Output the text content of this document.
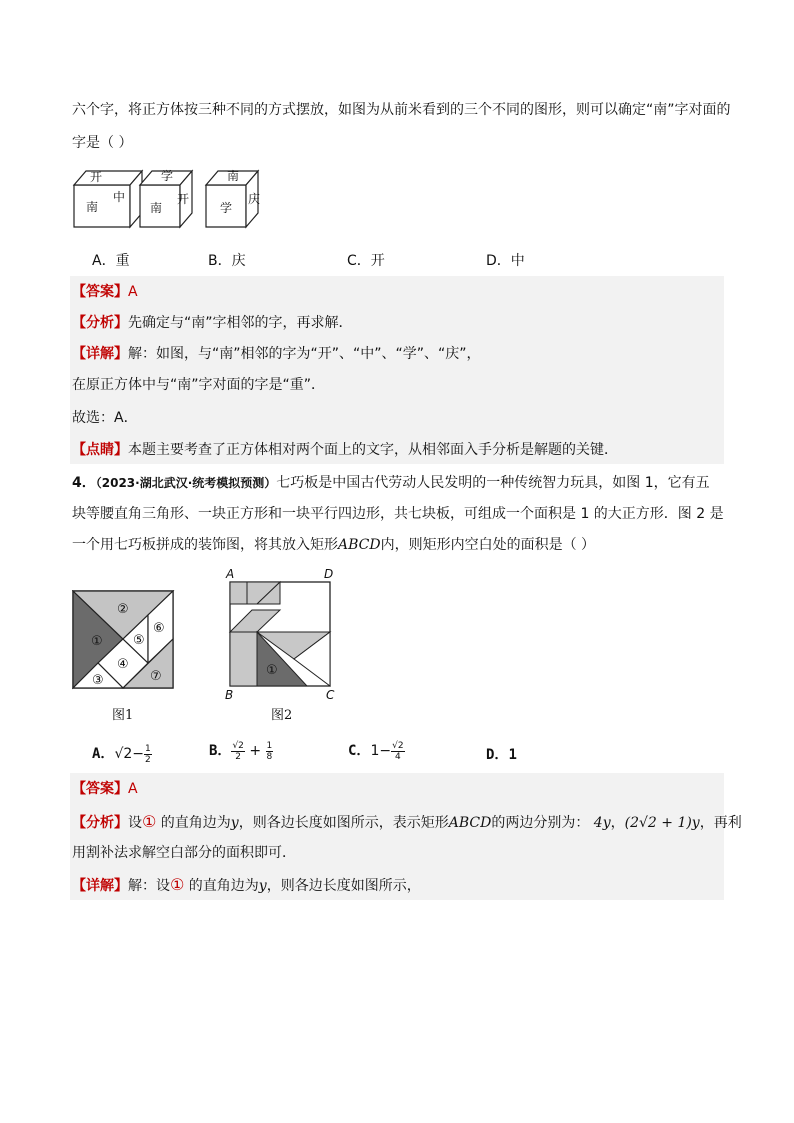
六个字，将正方体按三种不同的方式摆放，如图为从前米看到的三个不同的图形，则可以确定“南”字对面的
字是（ ）
开
南
中
学
南
开
南
学
庆
A．重	B．庆	C．开	D．中
【答案】A
【分析】先确定与“南”字相邻的字，再求解．
【详解】解：如图，与“南”相邻的字为“开”、“中”、“学”、“庆”，
在原正方体中与“南”字对面的字是“重”．
故选：A．
【点睛】本题主要考查了正方体相对两个面上的文字，从相邻面入手分析是解题的关键．
4．（2023·湖北武汉·统考模拟预测）七巧板是中国古代劳动人民发明的一种传统智力玩具，如图 1，它有五
块等腰直角三角形、一块正方形和一块平行四边形，共七块板，可组成一个面积是 1 的大正方形．图 2 是
一个用七巧板拼成的装饰图，将其放入矩形ABCD内，则矩形内空白处的面积是（ ）
①
②
③
④
⑤
⑥
⑦
图1
①
A	D
B	C
图2
A．$√2- \frac{1}{2}$	B． $\frac{√2}{2} + \frac{1}{8}$	C．$1- \frac{√2}{4}$	D．1
【答案】A
【分析】设① 的直角边为y，则各边长度如图所示，表示矩形ABCD的两边分别为： 4y，(2√2 + 1)y，再利
用割补法求解空白部分的面积即可．
【详解】解：设① 的直角边为y，则各边长度如图所示，
